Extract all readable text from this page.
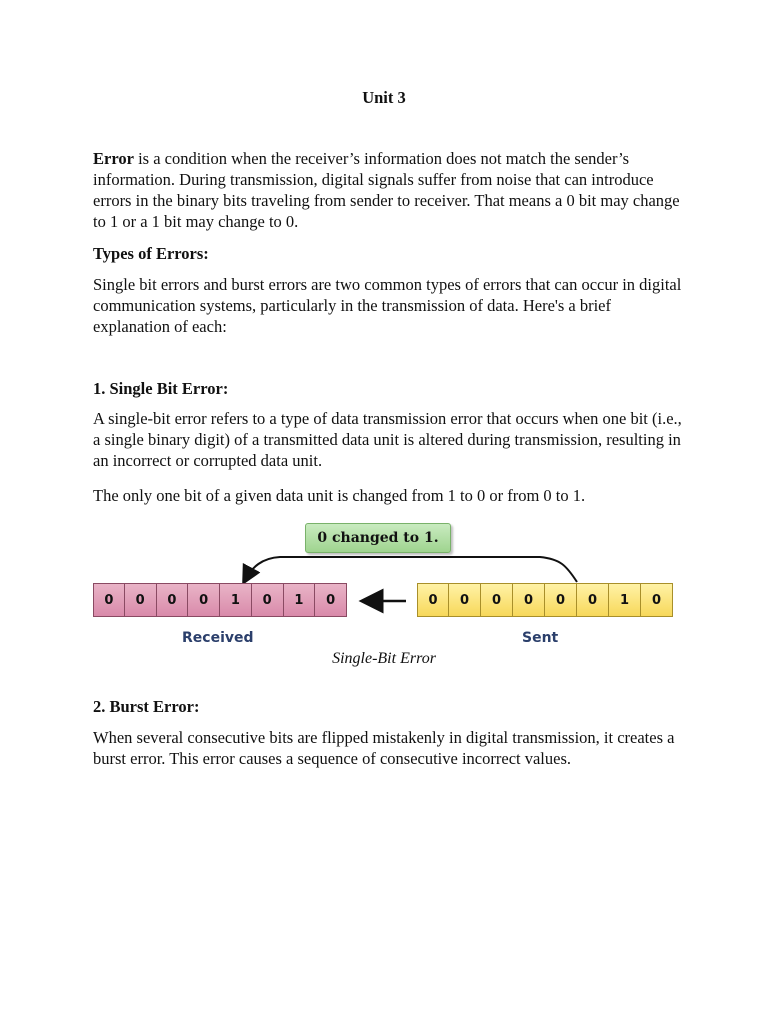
Unit 3

Error is a condition when the receiver’s information does not match the sender’s information. During transmission, digital signals suffer from noise that can introduce errors in the binary bits traveling from sender to receiver. That means a 0 bit may change to 1 or a 1 bit may change to 0.

Types of Errors:

Single bit errors and burst errors are two common types of errors that can occur in digital communication systems, particularly in the transmission of data. Here's a brief explanation of each:

1. Single Bit Error:

A single-bit error refers to a type of data transmission error that occurs when one bit (i.e., a single binary digit) of a transmitted data unit is altered during transmission, resulting in an incorrect or corrupted data unit.

The only one bit of a given data unit is changed from 1 to 0 or from 0 to 1.

0 changed to 1.
0	0	0	0	1	0	1	0	0	0	0	0	0	0	1	0
Received	Sent
Single-Bit Error

2. Burst Error:

When several consecutive bits are flipped mistakenly in digital transmission, it creates a burst error. This error causes a sequence of consecutive incorrect values.
